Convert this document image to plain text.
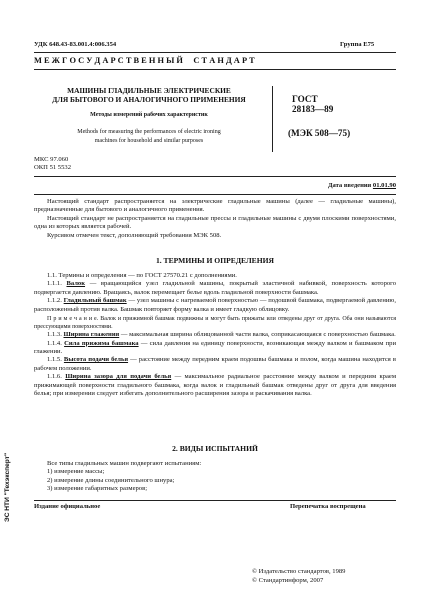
УДК 648.43-83.001.4:006.354	Группа Е75
М Е Ж Г О С У Д А Р С Т В Е Н Н Ы Й     С Т А Н Д А Р Т
МАШИНЫ ГЛАДИЛЬНЫЕ ЭЛЕКТРИЧЕСКИЕ
ДЛЯ БЫТОВОГО И АНАЛОГИЧНОГО ПРИМЕНЕНИЯ
Методы измерений рабочих характеристик
Methods for measuring the performances of electric ironing
machines for household and similar purposes
ГОСТ
28183—89
(МЭК 508—75)
МКС 97.060
ОКП 51 5532
Дата введения 01.01.90

Настоящий стандарт распространяется на электрические гладильные машины (далее — гладильные машины), предназначенные для бытового и аналогичного применения.

Настоящий стандарт не распространяется на гладильные прессы и гладильные машины с двумя плоскими поверхностями, одна из которых является рабочей.

Курсивом отмечен текст, дополняющий требования МЭК 508.

1. ТЕРМИНЫ И ОПРЕДЕЛЕНИЯ

1.1. Термины и определения — по ГОСТ 27570.21 с дополнениями.

1.1.1. Валок — вращающийся узел гладильной машины, покрытый эластичной набивкой, поверхность которого подвергается давлению. Вращаясь, валок перемещает белье вдоль гладильной поверхности башмака.

1.1.2. Гладильный башмак — узел машины с нагреваемой поверхностью — подошвой башмака, подвергаемой давлению, расположенный против валка. Башмак повторяет форму валка и имеет гладкую облицовку.

П р и м е ч а н и е. Валок и прижимной башмак подвижны и могут быть прижаты или отведены друг от друга. Оба они называются прессующими поверхностями.

1.1.3. Ширина глажения — максимальная ширина облицованной части валка, соприкасающаяся с поверхностью башмака.

1.1.4. Сила прижима башмака — сила давления на единицу поверхности, возникающая между валком и башмаком при глажении.

1.1.5. Высота подачи белья — расстояние между передним краем подошвы башмака и полом, когда машина находится в рабочем положении.

1.1.6. Ширина зазора для подачи белья — максимальное радиальное расстояние между валком и передним краем прижимающей поверхности гладильного башмака, когда валок и гладильный башмак отведены друг от друга для введения белья; при измерении следует избегать дополнительного расширения зазора и раскачивания валка.

2. ВИДЫ ИСПЫТАНИЙ

Все типы гладильных машин подвергают испытаниям:

1) измерение массы;

2) измерение длины соединительного шнура;

3) измерение габаритных размеров;

Издание официальное	Перепечатка воспрещена
© Издательство стандартов, 1989
© Стандартинформ, 2007
ЭС НТИ "Техэксперт"
